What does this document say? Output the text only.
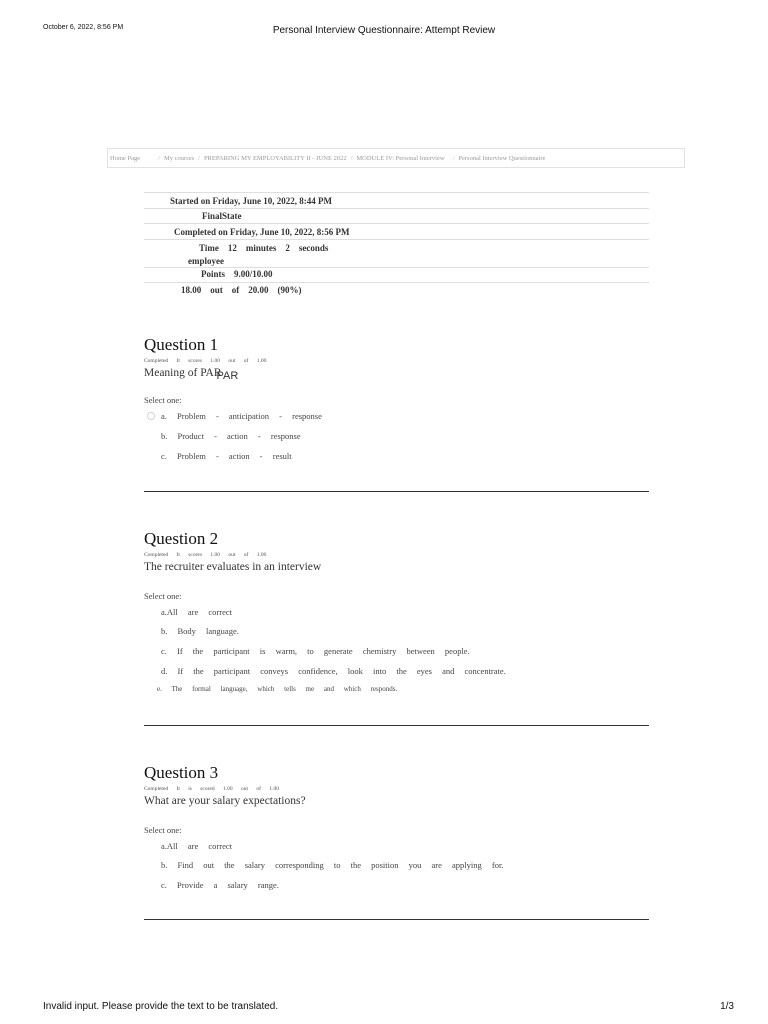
October 6, 2022, 8:56 PM	Personal Interview Questionnaire: Attempt Review
Invalid input. Please provide the text to be translated.	1/3
Home Page	/ My courses / PREPARING MY EMPLOYABILITY II - JUNE 2022 / MODULE IV: Personal Interview / Personal Interview Questionnaire
Started on Friday, June 10, 2022, 8:44 PM
FinalState
Completed on Friday, June 10, 2022, 8:56 PM
Time    12    minutes    2    seconds
employee
Points    9.00/10.00
18.00    out    of    20.00    (90%)
Question 1
Completed It scores 1.00 out of 1.00
Meaning of PARPAR
Select one:
a. Problem - anticipation - response
b. Product - action - response
c. Problem - action - result
Question 2
Completed It scores 1.00 out of 1.00
The recruiter evaluates in an interview
Select one:
a.All are correct
b. Body language.
c. If the participant is warm, to generate chemistry between people.
d. If the participant conveys confidence, look into the eyes and concentrate.
e. The formal language, which tells me and which responds.
Question 3
Completed It is scored 1.00 out of 1.00
What are your salary expectations?
Select one:
a.All are correct
b. Find out the salary corresponding to the position you are applying for.
c. Provide a salary range.
